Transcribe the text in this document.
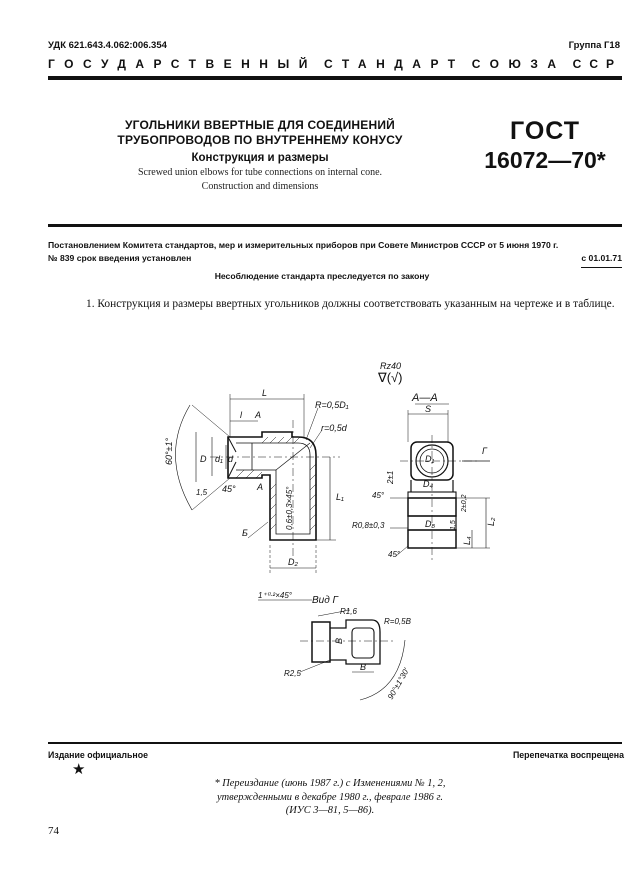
УДК 621.643.4.062:006.354	Группа Г18
ГОСУДАРСТВЕННЫЙ СТАНДАРТ СОЮЗА ССР
УГОЛЬНИКИ ВВЕРТНЫЕ ДЛЯ СОЕДИНЕНИЙ
ТРУБОПРОВОДОВ ПО ВНУТРЕННЕМУ КОНУСУ
Конструкция и размеры
Screwed union elbows for tube connections on internal cone.
Construction and dimensions
ГОСТ
16072—70*
Постановлением Комитета стандартов, мер и измерительных приборов при Совете Министров СССР от 5 июня 1970 г.
№ 839 срок введения установлен	с 01.01.71
Несоблюдение стандарта преследуется по закону
1. Конструкция и размеры ввертных угольников должны соответствовать указанным на чертеже и в таблице.
Rz40
∇(√)
А—А
Вид Г
L
l А
R=0,5D₁
r=0,5d
D d₁ d
60°±1°
1,5 45° А
L₁
0,6±0,3×45°
Б
D₂
S
D₁
Г
2±1	D₄
45°
R0,8±0,3	D₅
2±0,2
1,5	L₂
L₄
45°
1⁺⁰·²×45°
R1,6
R=0,5В
В
В
R2,5	90°±1°30′
Издание официальное	Перепечатка воспрещена
★
* Переиздание (июнь 1987 г.) с Изменениями № 1, 2,
утвержденными в декабре 1980 г., феврале 1986 г.
(ИУС 3—81, 5—86).
74
